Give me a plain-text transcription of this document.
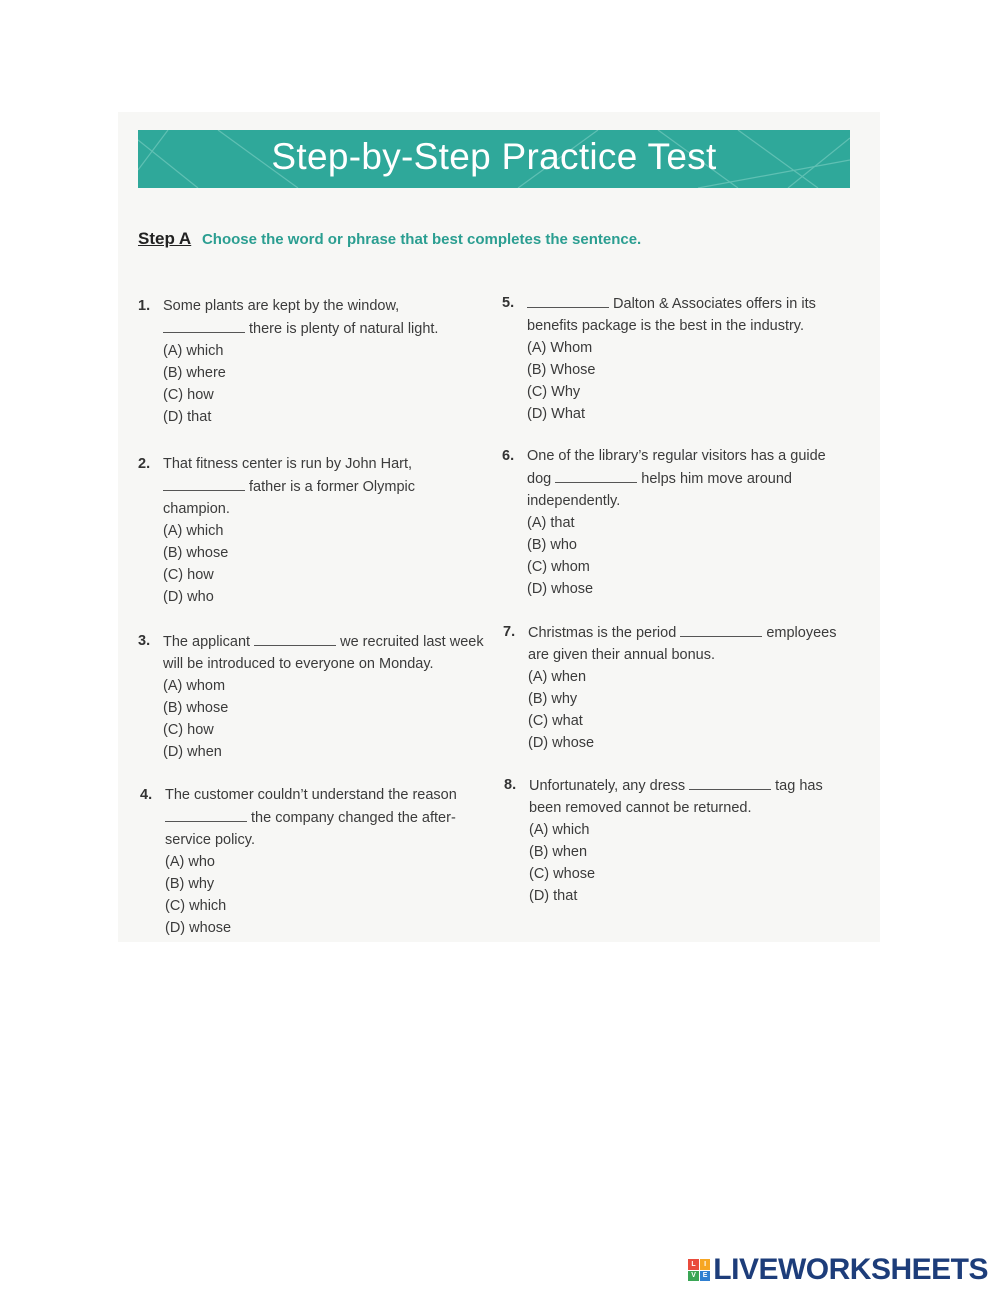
Step-by-Step Practice Test
Step A Choose the word or phrase that best completes the sentence.
1. Some plants are kept by the window,
there is plenty of natural light.
(A) which
(B) where
(C) how
(D) that
2. That fitness center is run by John Hart,
father is a former Olympic champion.
(A) which
(B) whose
(C) how
(D) who
3. The applicant	we recruited last week will be introduced to everyone on Monday.
(A) whom
(B) whose
(C) how
(D) when
4. The customer couldn’t understand the reason
the company changed the after-service policy.
(A) who
(B) why
(C) which
(D) whose
5.	Dalton & Associates offers in its benefits package is the best in the industry.
(A) Whom
(B) Whose
(C) Why
(D) What
6. One of the library’s regular visitors has a guide dog	helps him move around independently.
(A) that
(B) who
(C) whom
(D) whose
7. Christmas is the period	employees are given their annual bonus.
(A) when
(B) why
(C) what
(D) whose
8. Unfortunately, any dress	tag has been removed cannot be returned.
(A) which
(B) when
(C) whose
(D) that
L	I
V E LIVEWORKSHEETS
